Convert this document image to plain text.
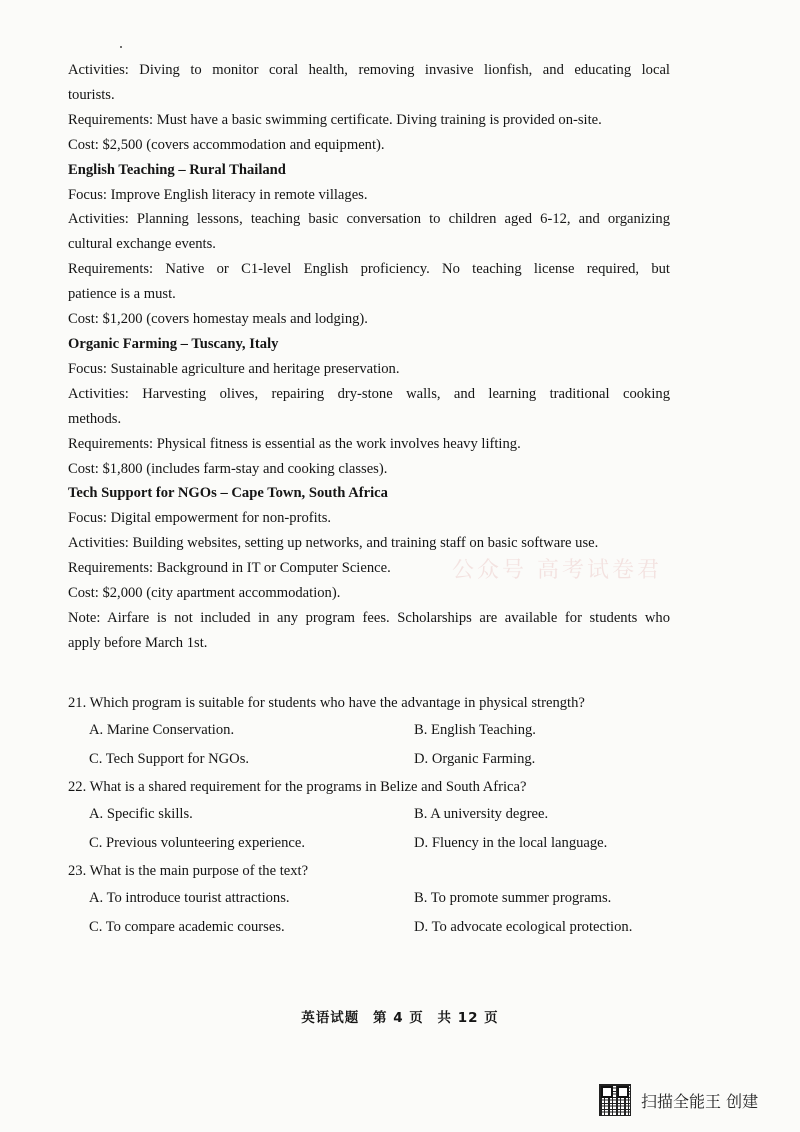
Activities: Diving to monitor coral health, removing invasive lionfish, and educating local

tourists.

Requirements: Must have a basic swimming certificate. Diving training is provided on-site.

Cost: $2,500 (covers accommodation and equipment).

English Teaching – Rural Thailand

Focus: Improve English literacy in remote villages.

Activities: Planning lessons, teaching basic conversation to children aged 6-12, and organizing

cultural exchange events.

Requirements: Native or C1-level English proficiency. No teaching license required, but

patience is a must.

Cost: $1,200 (covers homestay meals and lodging).

Organic Farming – Tuscany, Italy

Focus: Sustainable agriculture and heritage preservation.

Activities: Harvesting olives, repairing dry-stone walls, and learning traditional cooking

methods.

Requirements: Physical fitness is essential as the work involves heavy lifting.

Cost: $1,800 (includes farm-stay and cooking classes).

Tech Support for NGOs – Cape Town, South Africa

Focus: Digital empowerment for non-profits.

Activities: Building websites, setting up networks, and training staff on basic software use.

Requirements: Background in IT or Computer Science.

Cost: $2,000 (city apartment accommodation).

Note: Airfare is not included in any program fees. Scholarships are available for students who

apply before March 1st.

公众号 高考试卷君

21. Which program is suitable for students who have the advantage in physical strength?

A. Marine Conservation.	B. English Teaching.
C. Tech Support for NGOs.	D. Organic Farming.

22. What is a shared requirement for the programs in Belize and South Africa?

A. Specific skills.	B. A university degree.
C. Previous volunteering experience.	D. Fluency in the local language.

23. What is the main purpose of the text?

A. To introduce tourist attractions.	B. To promote summer programs.
C. To compare academic courses.	D. To advocate ecological protection.
英语试题 第 4 页 共 12 页
扫描全能王 创建
